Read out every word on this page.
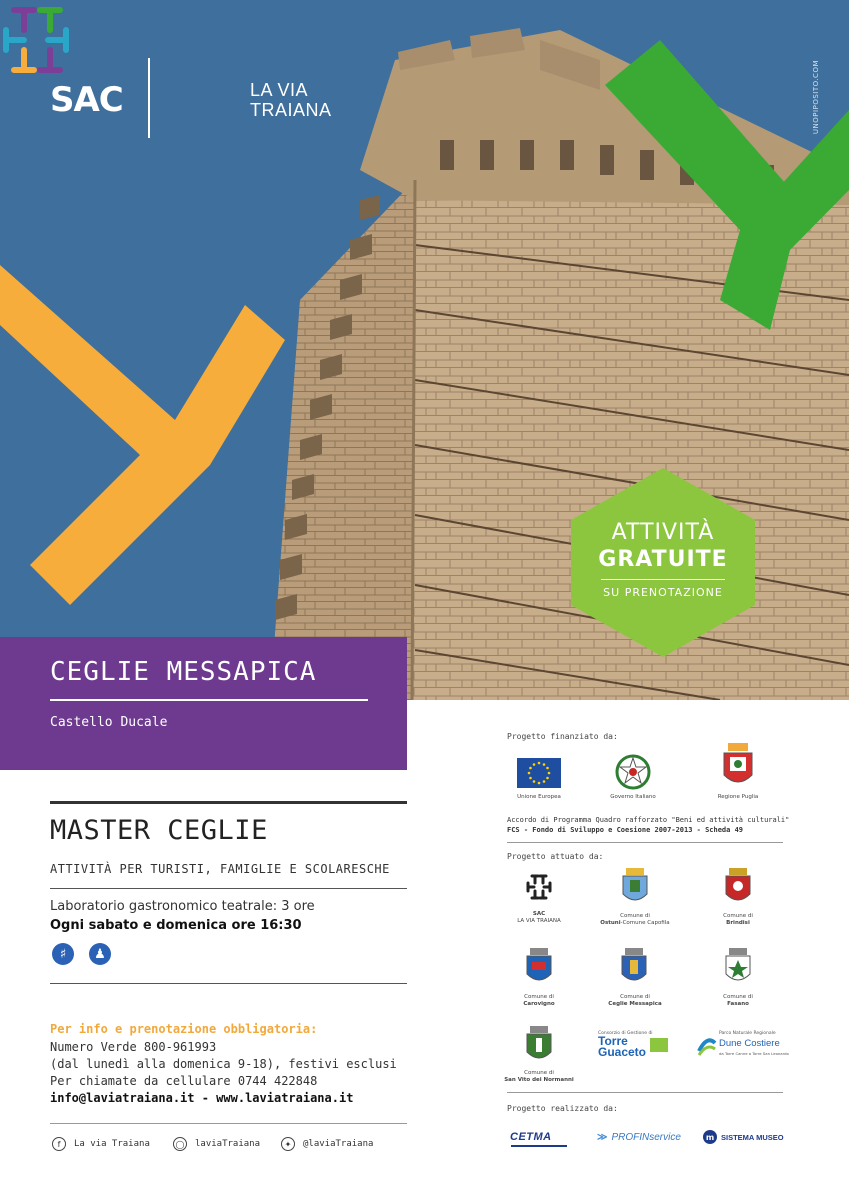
SAC	LA VIA
TRAIANA	UNOPIPOSITO.COM
ATTIVITÀ
GRATUITE
SU PRENOTAZIONE
CEGLIE MESSAPICA
Castello Ducale
MASTER CEGLIE
ATTIVITÀ PER TURISTI, FAMIGLIE E SCOLARESCHE
Laboratorio gastronomico teatrale: 3 ore
Ogni sabato e domenica ore 16:30
♯	♟
Per info e prenotazione obbligatoria:
Numero Verde 800-961993
(dal lunedì alla domenica 9-18), festivi esclusi
Per chiamate da cellulare 0744 422848
info@laviatraiana.it - www.laviatraiana.it
f	La via Traiana	◯ laviaTraiana	✦	@laviaTraiana
Progetto finanziato da:
Unione Europea	Governo Italiano	Regione Puglia
Accordo di Programma Quadro rafforzato "Beni ed attività culturali"
FCS - Fondo di Sviluppo e Coesione 2007-2013 - Scheda 49
Progetto attuato da:
SAC
LA VIA TRAIANA
Comune di
Ostuni-Comune Capofila
Comune di
Brindisi
Comune di
Carovigno
Comune di
Ceglie Messapica
Comune di
Fasano
Comune di
San Vito dei Normanni
Consorzio di Gestione di
Torre
Guaceto
Parco Naturale Regionale
Dune Costiere
da Torre Canne a Torre San Leonardo
Progetto realizzato da:
CETMA	≫ PROFINservice	m SISTEMA MUSEO
